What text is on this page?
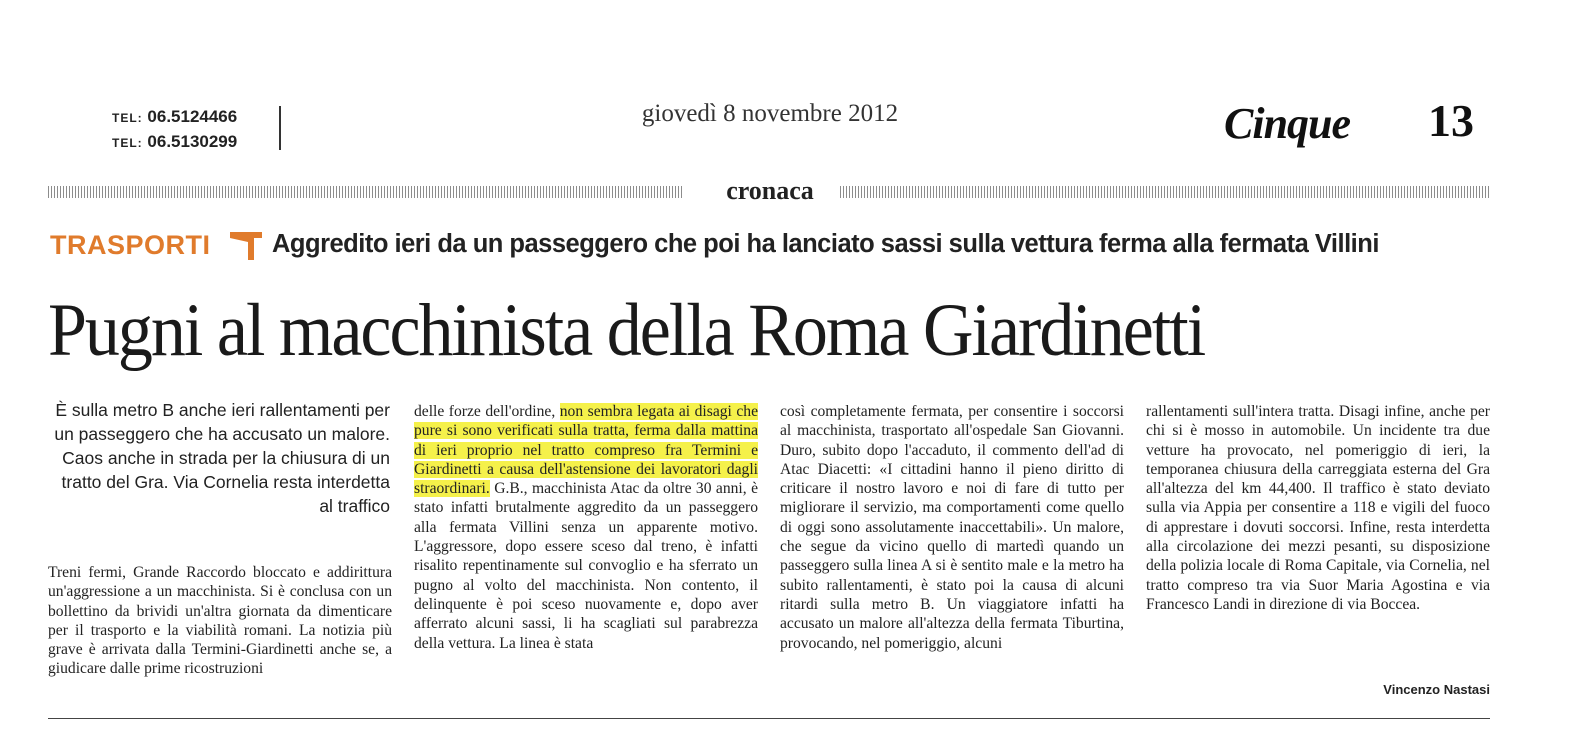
TEL: 06.5124466
TEL: 06.5130299
giovedì 8 novembre 2012	Cinque 13
cronaca
TRASPORTI Aggredito ieri da un passeggero che poi ha lanciato sassi sulla vettura ferma alla fermata Villini
Pugni al macchinista della Roma Giardinetti
È sulla metro B anche ieri rallentamenti per un passeggero che ha accusato un malore. Caos anche in strada per la chiusura di un tratto del Gra. Via Cornelia resta interdetta al traffico
Treni fermi, Grande Raccordo bloccato e addirittura un'aggressione a un macchinista. Si è conclusa con un bollettino da brividi un'altra giornata da dimenticare per il trasporto e la viabilità romani. La notizia più grave è arrivata dalla Termini-Giardinetti anche se, a giudicare dalle prime ricostruzioni
delle forze dell'ordine, non sembra legata ai disagi che pure si sono verificati sulla tratta, ferma dalla mattina di ieri proprio nel tratto compreso fra Termini e Giardinetti a causa dell'astensione dei lavoratori dagli straordinari. G.B., macchinista Atac da oltre 30 anni, è stato infatti brutalmente aggredito da un passeggero alla fermata Villini senza un apparente motivo. L'aggressore, dopo essere sceso dal treno, è infatti risalito repentinamente sul convoglio e ha sferrato un pugno al volto del macchinista. Non contento, il delinquente è poi sceso nuovamente e, dopo aver afferrato alcuni sassi, li ha scagliati sul parabrezza della vettura. La linea è stata
così completamente fermata, per consentire i soccorsi al macchinista, trasportato all'ospedale San Giovanni. Duro, subito dopo l'accaduto, il commento dell'ad di Atac Diacetti: «I cittadini hanno il pieno diritto di criticare il nostro lavoro e noi di fare di tutto per migliorare il servizio, ma comportamenti come quello di oggi sono assolutamente inaccettabili». Un malore, che segue da vicino quello di martedì quando un passeggero sulla linea A si è sentito male e la metro ha subito rallentamenti, è stato poi la causa di alcuni ritardi sulla metro B. Un viaggiatore infatti ha accusato un malore all'altezza della fermata Tiburtina, provocando, nel pomeriggio, alcuni
rallentamenti sull'intera tratta. Disagi infine, anche per chi si è mosso in automobile. Un incidente tra due vetture ha provocato, nel pomeriggio di ieri, la temporanea chiusura della carreggiata esterna del Gra all'altezza del km 44,400. Il traffico è stato deviato sulla via Appia per consentire a 118 e vigili del fuoco di apprestare i dovuti soccorsi. Infine, resta interdetta alla circolazione dei mezzi pesanti, su disposizione della polizia locale di Roma Capitale, via Cornelia, nel tratto compreso tra via Suor Maria Agostina e via Francesco Landi in direzione di via Boccea.
Vincenzo Nastasi
